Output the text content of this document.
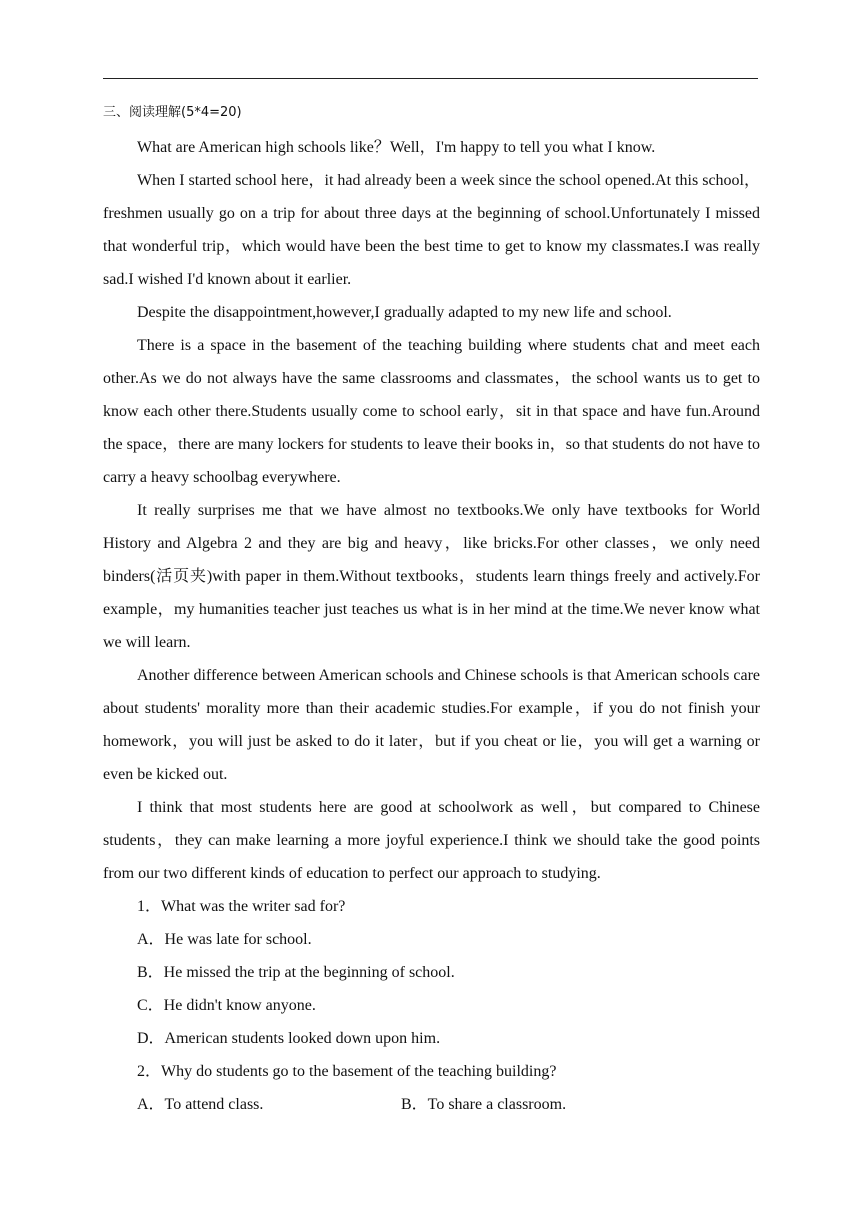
三、阅读理解(5*4=20)

What are American high schools like？Well，I'm happy to tell you what I know.

When I started school here，it had already been a week since the school opened.At this school，freshmen usually go on a trip for about three days at the beginning of school.Unfortunately I missed that wonderful trip，which would have been the best time to get to know my classmates.I was really sad.I wished I'd known about it earlier.

Despite the disappointment,however,I gradually adapted to my new life and school.

There is a space in the basement of the teaching building where students chat and meet each other.As we do not always have the same classrooms and classmates，the school wants us to get to know each other there.Students usually come to school early，sit in that space and have fun.Around the space，there are many lockers for students to leave their books in，so that students do not have to carry a heavy schoolbag everywhere.

It really surprises me that we have almost no textbooks.We only have textbooks for World History and Algebra 2 and they are big and heavy，like bricks.For other classes，we only need binders(活页夹)with paper in them.Without textbooks，students learn things freely and actively.For example，my humanities teacher just teaches us what is in her mind at the time.We never know what we will learn.

Another difference between American schools and Chinese schools is that American schools care about students' morality more than their academic studies.For example，if you do not finish your homework，you will just be asked to do it later，but if you cheat or lie，you will get a warning or even be kicked out.

I think that most students here are good at schoolwork as well，but compared to Chinese students，they can make learning a more joyful experience.I think we should take the good points from our two different kinds of education to perfect our approach to studying.

1．What was the writer sad for?

A．He was late for school.

B．He missed the trip at the beginning of school.

C．He didn't know anyone.

D．American students looked down upon him.

2．Why do students go to the basement of the teaching building?

A．To attend class.	B．To share a classroom.
